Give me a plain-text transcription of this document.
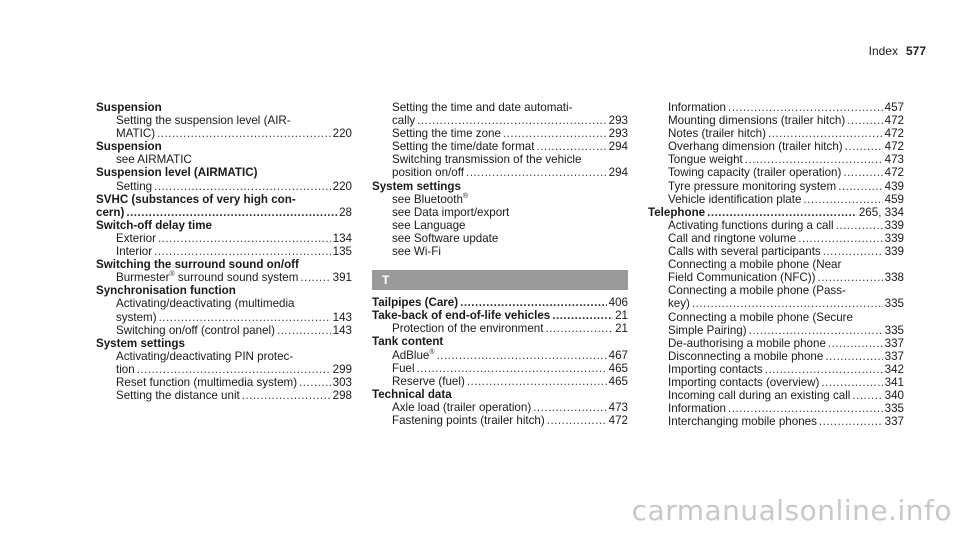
Index 577
Suspension
Setting the suspension level (AIR-
MATIC) .....	220
Suspension
see AIRMATIC
Suspension level (AIRMATIC)
Setting .....	220
SVHC (substances of very high con-
cern) .....	28
Switch-off delay time
Exterior .....	134
Interior .....	135
Switching the surround sound on/off
Burmester® surround sound system .....	391
Synchronisation function
Activating/deactivating (multimedia
system) .....	143
Switching on/off (control panel) .....	143
System settings
Activating/deactivating PIN protec-
tion .....	299
Reset function (multimedia system) .....	303
Setting the distance unit .....	298
Setting the time and date automati-
cally .....	293
Setting the time zone .....	293
Setting the time/date format .....	294
Switching transmission of the vehicle
position on/off .....	294
System settings
see Bluetooth®
see Data import/export
see Language
see Software update
see Wi-Fi
T
Tailpipes (Care) .....	406
Take-back of end-of-life vehicles .....	21
Protection of the environment .....	21
Tank content
AdBlue® .....	467
Fuel .....	465
Reserve (fuel) .....	465
Technical data
Axle load (trailer operation) .....	473
Fastening points (trailer hitch) .....	472
Information .....	457
Mounting dimensions (trailer hitch) .....	472
Notes (trailer hitch) .....	472
Overhang dimension (trailer hitch) .....	472
Tongue weight .....	473
Towing capacity (trailer operation) .....	472
Tyre pressure monitoring system .....	439
Vehicle identification plate .....	459
Telephone .....	265, 334
Activating functions during a call .....	339
Call and ringtone volume .....	339
Calls with several participants .....	339
Connecting a mobile phone (Near
Field Communication (NFC)) .....	338
Connecting a mobile phone (Pass-
key) .....	335
Connecting a mobile phone (Secure
Simple Pairing) .....	335
De-authorising a mobile phone .....	337
Disconnecting a mobile phone .....	337
Importing contacts .....	342
Importing contacts (overview) .....	341
Incoming call during an existing call .....	340
Information .....	335
Interchanging mobile phones .....	337
carmanualsonline.info
